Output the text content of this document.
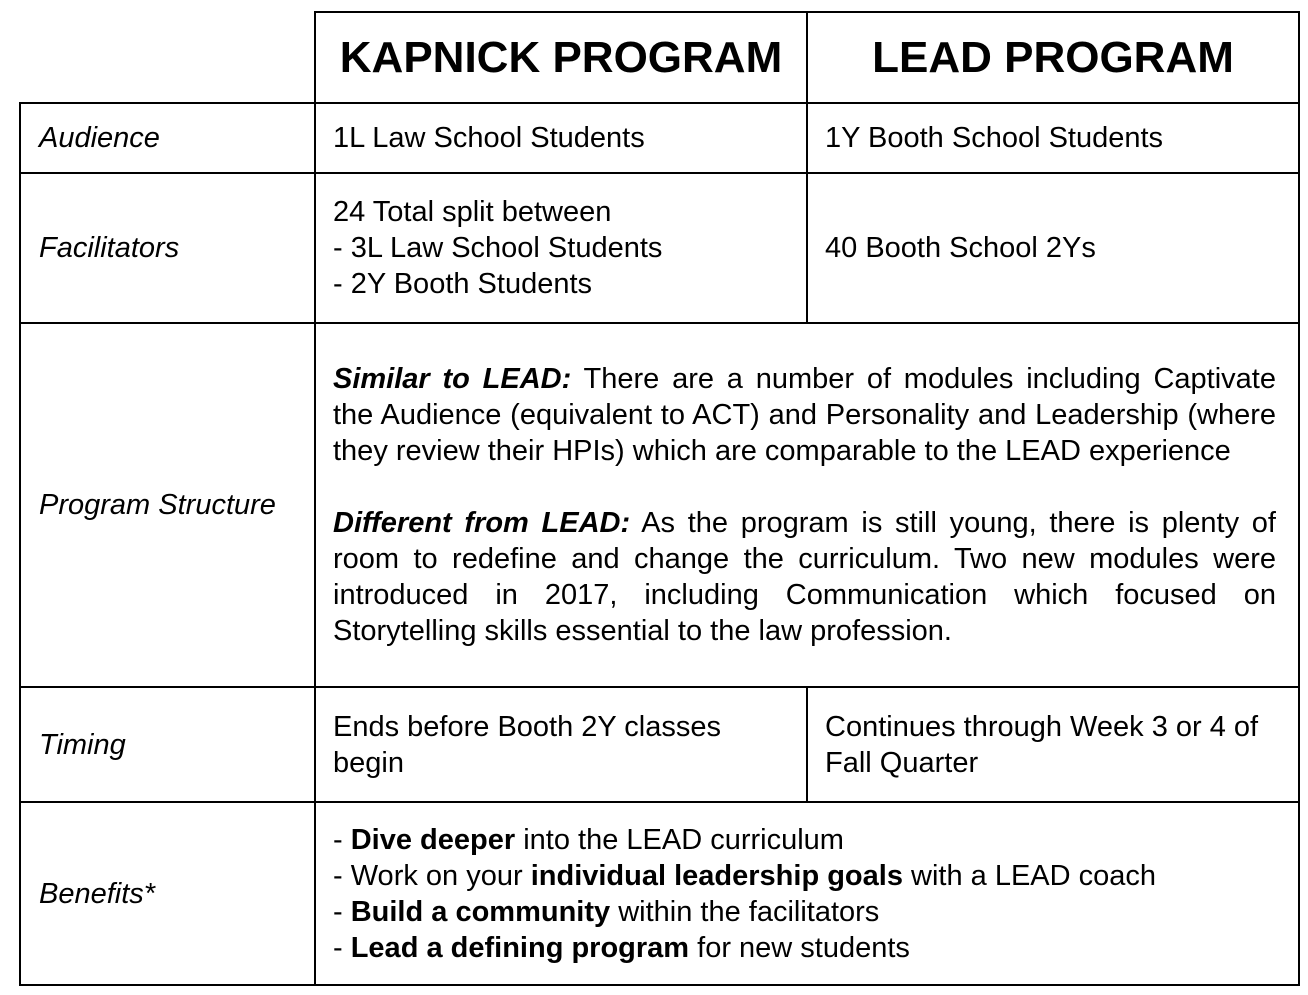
KAPNICK PROGRAM LEAD PROGRAM
Audience	1L Law School Students	1Y Booth School Students
Facilitators
24 Total split between
- 3L Law School Students
- 2Y Booth Students
40 Booth School 2Ys
Program Structure

Similar to LEAD: There are a number of modules including Captivate the Audience (equivalent to ACT) and Personality and Leadership (where they review their HPIs) which are comparable to the LEAD experience

Different from LEAD: As the program is still young, there is plenty of room to redefine and change the curriculum. Two new modules were introduced in 2017, including Communication which focused on Storytelling skills essential to the law profession.

Timing
Ends before Booth 2Y classes begin
Continues through Week 3 or 4 of Fall Quarter
Benefits*
- Dive deeper into the LEAD curriculum
- Work on your individual leadership goals with a LEAD coach
- Build a community within the facilitators
- Lead a defining program for new students
